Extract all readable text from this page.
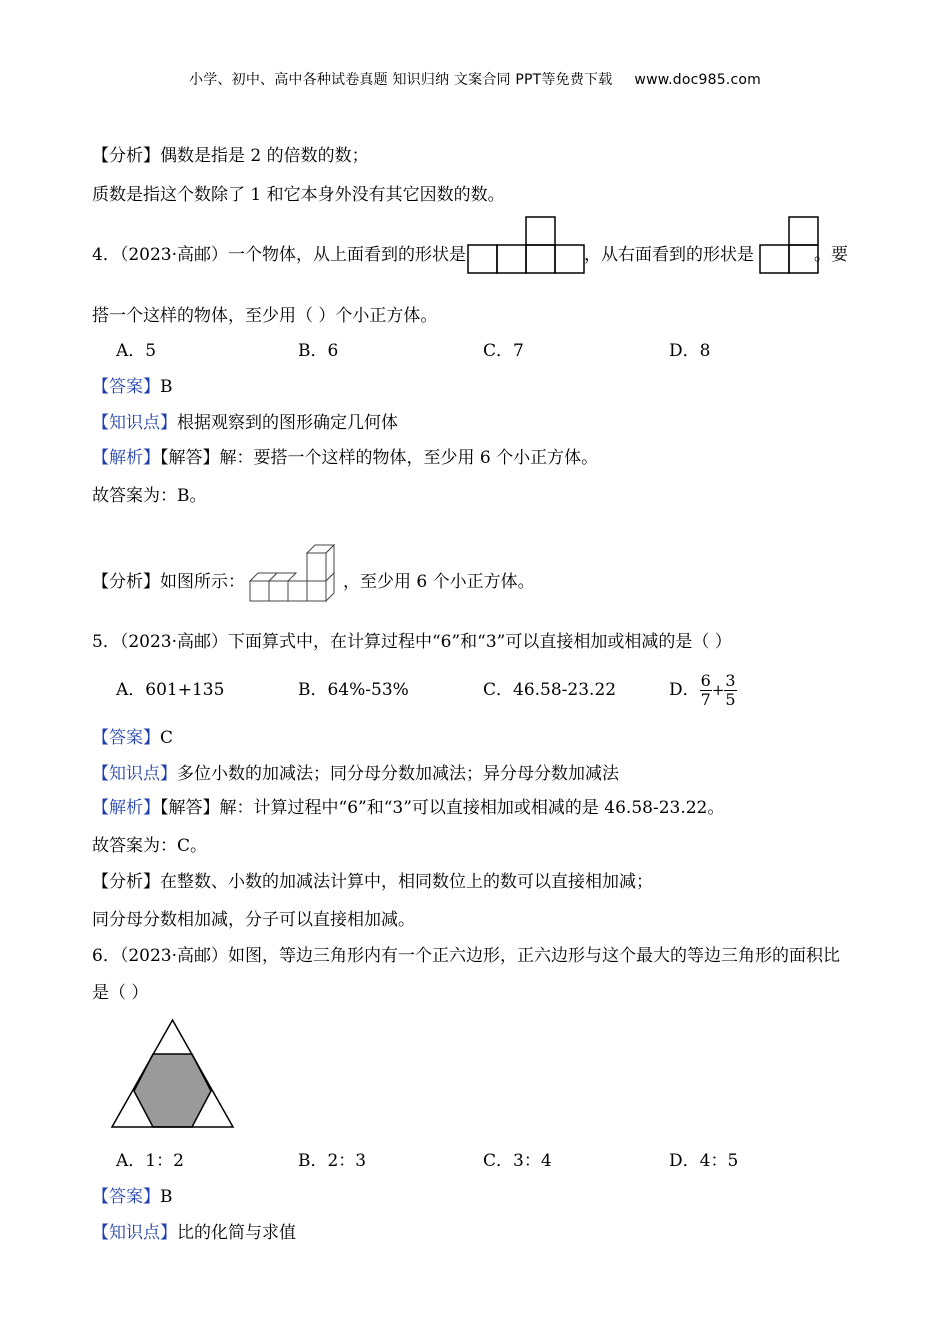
小学、初中、高中各种试卷真题 知识归纳 文案合同 PPT等免费下载 www.doc985.com
【分析】偶数是指是 2 的倍数的数；
质数是指这个数除了 1 和它本身外没有其它因数的数。
4．（2023·高邮）一个物体，从上面看到的形状是	，从右面看到的形状是	。要
搭一个这样的物体，至少用（ ）个小正方体。
A．5	B．6	C．7	D．8
【答案】B
【知识点】根据观察到的图形确定几何体
【解析】【解答】解：要搭一个这样的物体，至少用 6 个小正方体。
故答案为：B。
【分析】如图所示：	，至少用 6 个小正方体。
5．（2023·高邮）下面算式中，在计算过程中“6”和“3”可以直接相加或相减的是（ ）
A．601+135	B．64%-53%	C．46.58-23.22	D． $\frac{6}{7} + \frac{3}{5}$
【答案】C
【知识点】多位小数的加减法；同分母分数加减法；异分母分数加减法
【解析】【解答】解：计算过程中“6”和“3”可以直接相加或相减的是 46.58-23.22。
故答案为：C。
【分析】在整数、小数的加减法计算中，相同数位上的数可以直接相加减；
同分母分数相加减，分子可以直接相加减。
6．（2023·高邮）如图，等边三角形内有一个正六边形，正六边形与这个最大的等边三角形的面积比
是（ ）
A．1：2	B．2：3	C．3：4	D．4：5
【答案】B
【知识点】比的化简与求值
